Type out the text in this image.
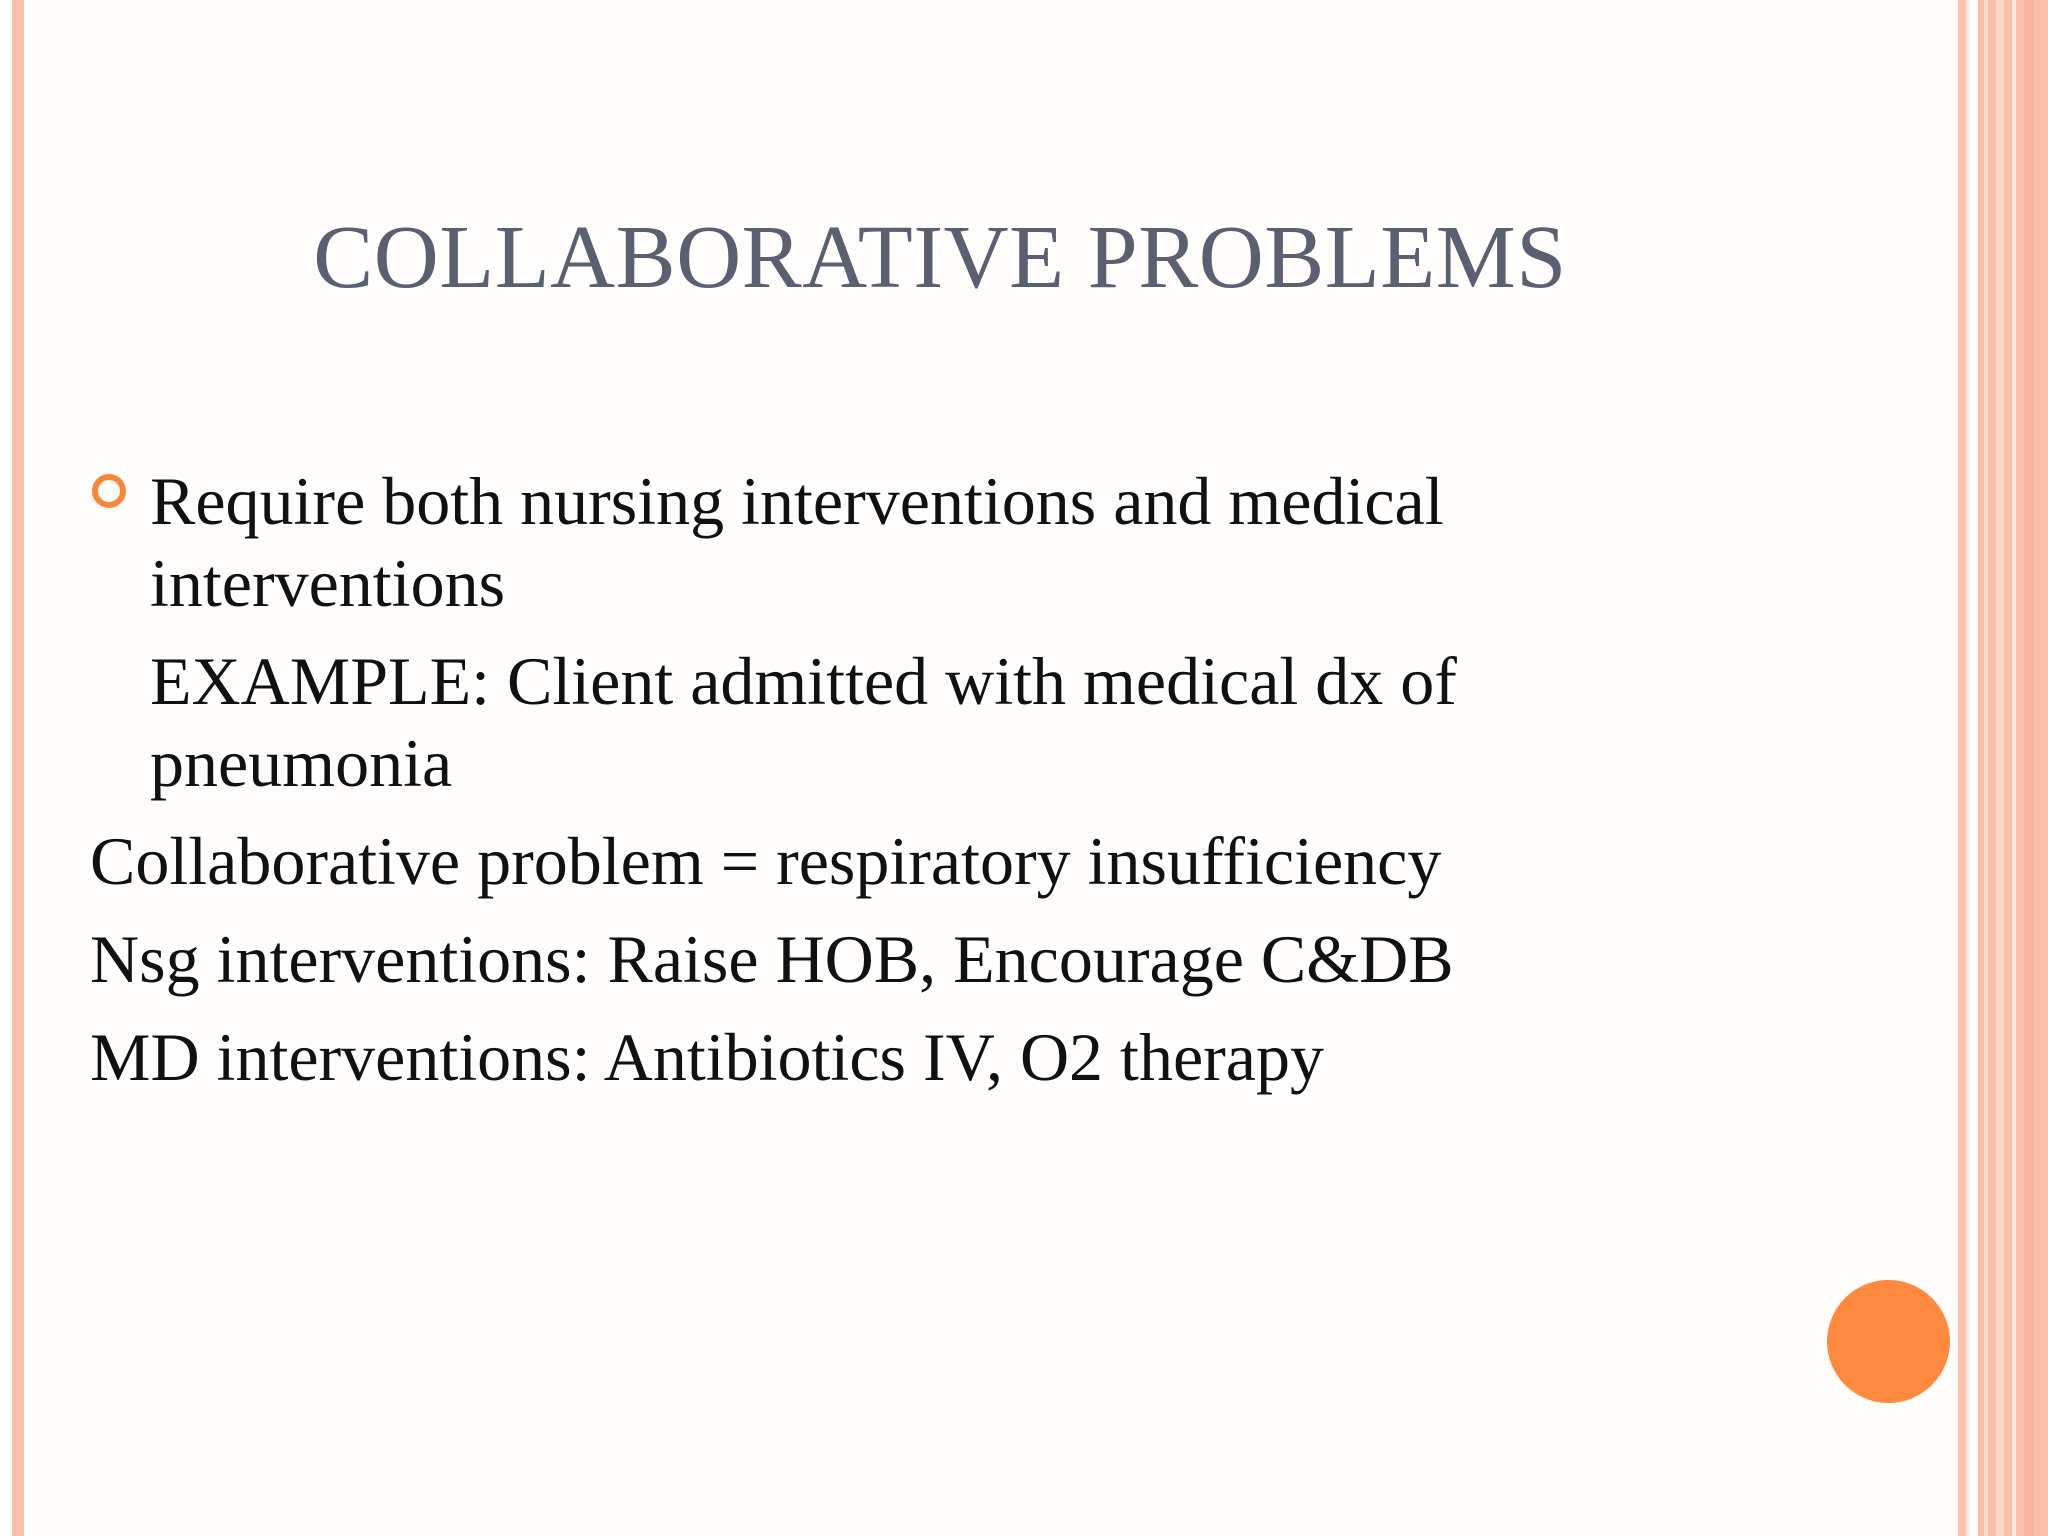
COLLABORATIVE PROBLEMS
Require both nursing interventions and medical
interventions
EXAMPLE: Client admitted with medical dx of
pneumonia
Collaborative problem = respiratory insufficiency
Nsg interventions: Raise HOB, Encourage C&DB
MD interventions: Antibiotics IV, O2 therapy
